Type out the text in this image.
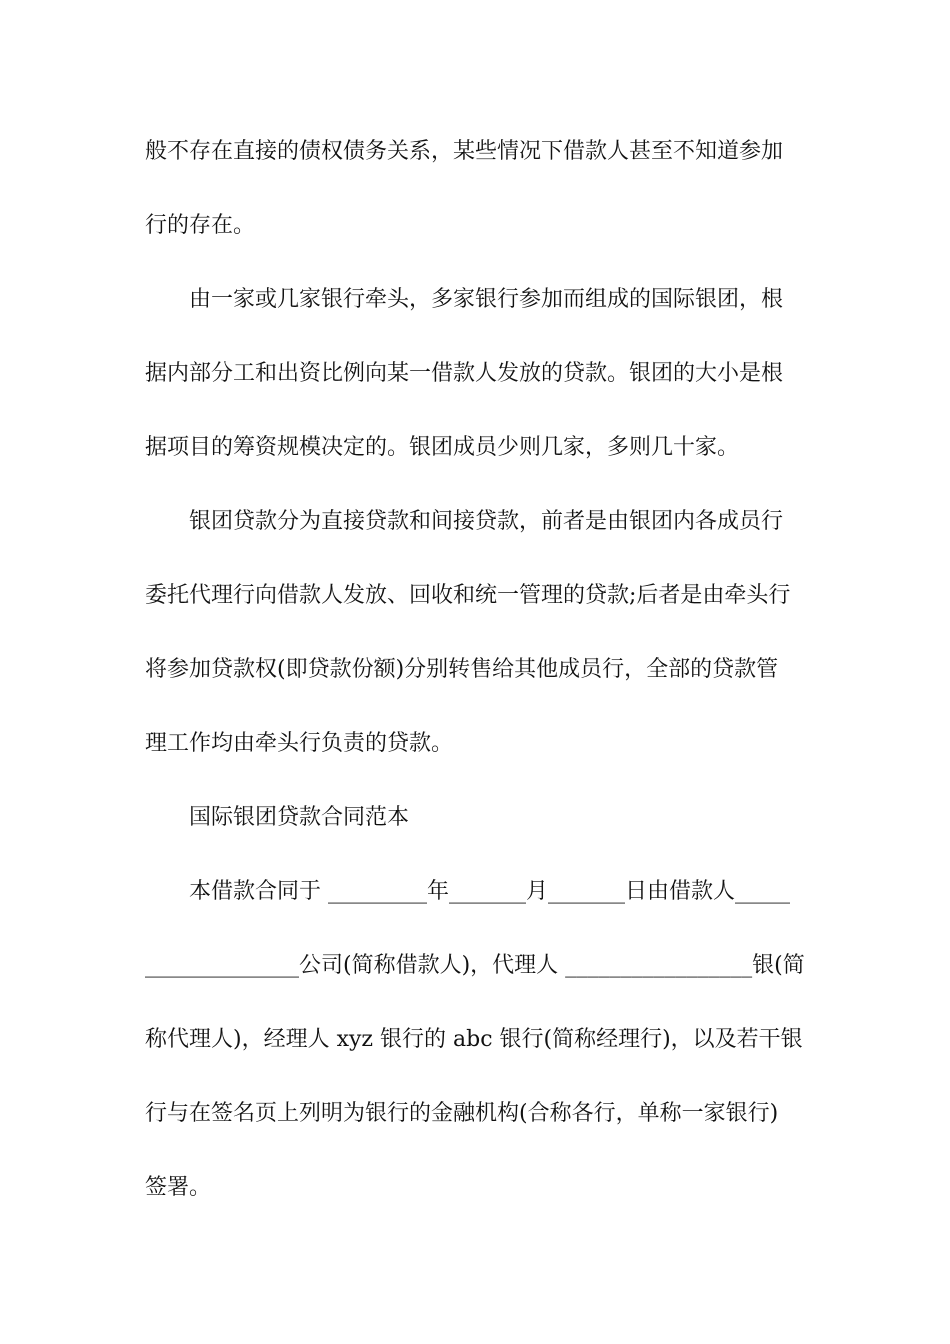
般不存在直接的债权债务关系，某些情况下借款人甚至不知道参加
行的存在。
由一家或几家银行牵头，多家银行参加而组成的国际银团，根
据内部分工和出资比例向某一借款人发放的贷款。银团的大小是根
据项目的筹资规模决定的。银团成员少则几家，多则几十家。
银团贷款分为直接贷款和间接贷款，前者是由银团内各成员行
委托代理行向借款人发放、回收和统一管理的贷款;后者是由牵头行
将参加贷款权(即贷款份额)分别转售给其他成员行，全部的贷款管
理工作均由牵头行负责的贷款。
国际银团贷款合同范本
本借款合同于 _________年_______月_______日由借款人_____
______________公司(简称借款人)，代理人 _________________银(简
称代理人)，经理人 xyz 银行的 abc 银行(简称经理行)，以及若干银
行与在签名页上列明为银行的金融机构(合称各行，单称一家银行)
签署。
